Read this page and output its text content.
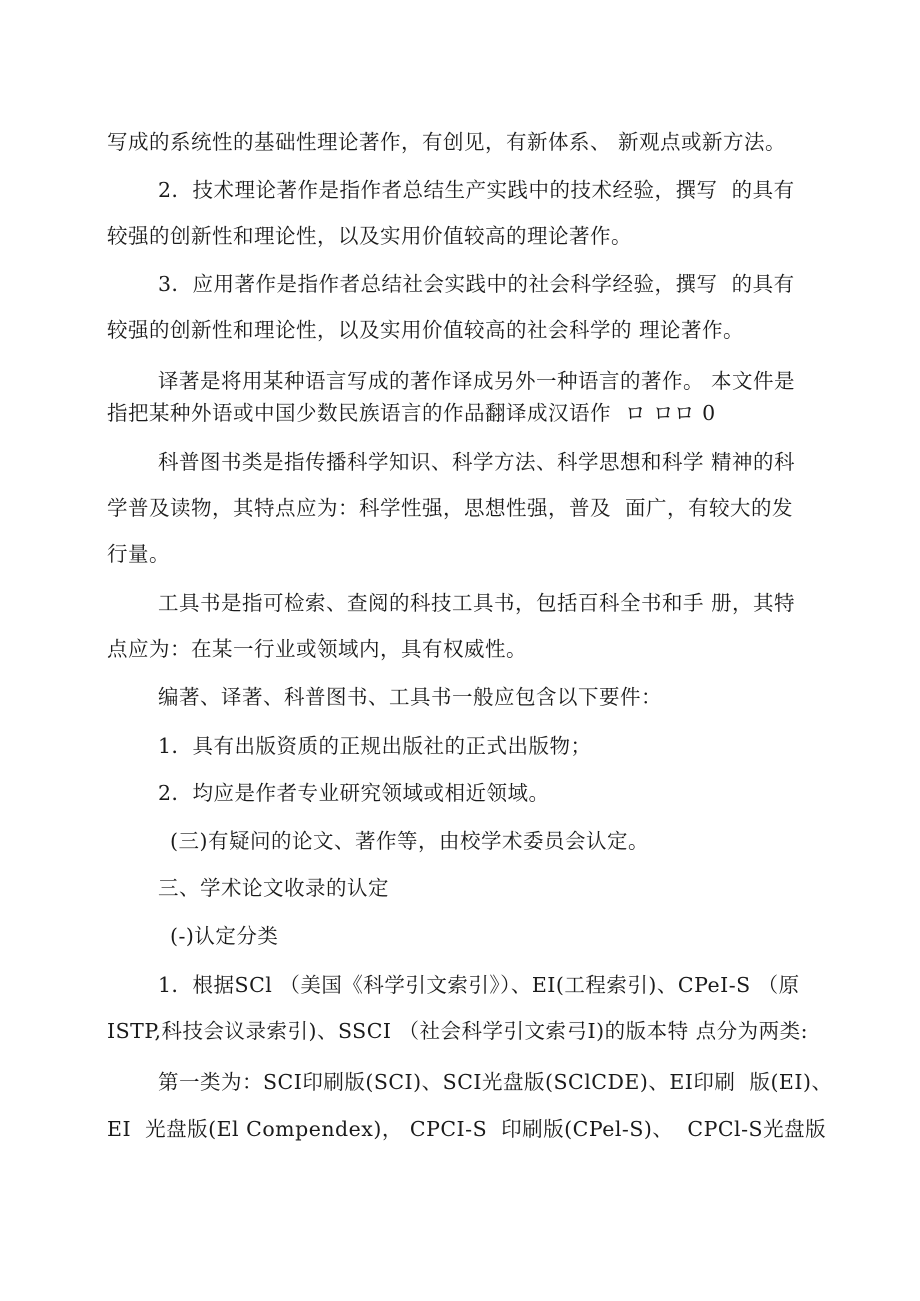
写成的系统性的基础性理论著作，有创见，有新体系、 新观点或新方法。
2．技术理论著作是指作者总结生产实践中的技术经验，撰写  的具有
较强的创新性和理论性，以及实用价值较高的理论著作。
3．应用著作是指作者总结社会实践中的社会科学经验，撰写  的具有
较强的创新性和理论性，以及实用价值较高的社会科学的 理论著作。
译著是将用某种语言写成的著作译成另外一种语言的著作。 本文件是
指把某种外语或中国少数民族语言的作品翻译成汉语作  ロ ロロ 0
科普图书类是指传播科学知识、科学方法、科学思想和科学 精神的科
学普及读物，其特点应为：科学性强，思想性强，普及  面广，有较大的发
行量。
工具书是指可检索、查阅的科技工具书，包括百科全书和手 册，其特
点应为：在某一行业或领域内，具有权威性。
编著、译著、科普图书、工具书一般应包含以下要件：
1．具有出版资质的正规出版社的正式出版物；
2．均应是作者专业研究领域或相近领域。
(三)有疑问的论文、著作等，由校学术委员会认定。
三、学术论文收录的认定
(-)认定分类
1．根据SCl （美国《科学引文索引》）、EI(工程索引)、CPeI-S （原
ISTP,科技会议录索引)、SSCI （社会科学引文索弓I)的版本特 点分为两类:
第一类为：SCI印刷版(SCI)、SCI光盘版(SClCDE)、EI印刷  版(EI)、
EI  光盘版(El Compendex)， CPCI-S  印刷版(CPel-S)、  CPCl-S光盘版
